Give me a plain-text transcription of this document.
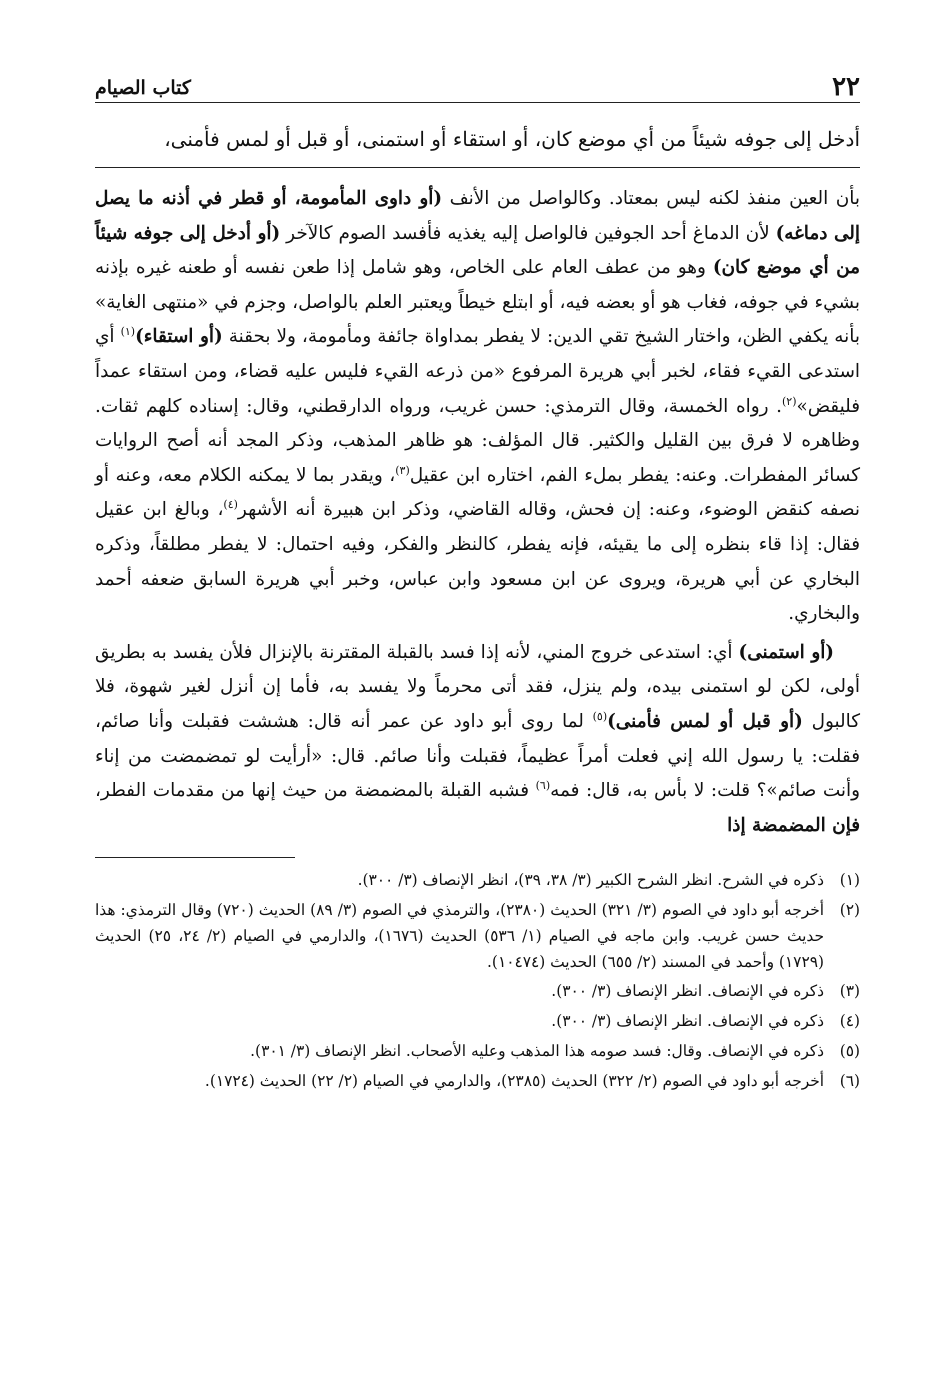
٢٢
كتاب الصيام
أدخل إلى جوفه شيئاً من أي موضع كان، أو استقاء أو استمنى، أو قبل أو لمس فأمنى،

بأن العين منفذ لكنه ليس بمعتاد. وكالواصل من الأنف (أو داوى المأمومة، أو قطر في أذنه ما يصل إلى دماغه) لأن الدماغ أحد الجوفين فالواصل إليه يغذيه فأفسد الصوم كالآخر (أو أدخل إلى جوفه شيئاً من أي موضع كان) وهو من عطف العام على الخاص، وهو شامل إذا طعن نفسه أو طعنه غيره بإذنه بشيء في جوفه، فغاب هو أو بعضه فيه، أو ابتلع خيطاً ويعتبر العلم بالواصل، وجزم في «منتهى الغاية» بأنه يكفي الظن، واختار الشيخ تقي الدين: لا يفطر بمداواة جائفة ومأمومة، ولا بحقنة (أو استقاء)$^{(١)}$ أي استدعى القيء فقاء، لخبر أبي هريرة المرفوع «من ذرعه القيء فليس عليه قضاء، ومن استقاء عمداً فليقض»$^{(٢)}$. رواه الخمسة، وقال الترمذي: حسن غريب، ورواه الدارقطني، وقال: إسناده كلهم ثقات. وظاهره لا فرق بين القليل والكثير. قال المؤلف: هو ظاهر المذهب، وذكر المجد أنه أصح الروايات كسائر المفطرات. وعنه: يفطر بملء الفم، اختاره ابن عقيل$^{(٣)}$، ويقدر بما لا يمكنه الكلام معه، وعنه أو نصفه كنقض الوضوء، وعنه: إن فحش، وقاله القاضي، وذكر ابن هبيرة أنه الأشهر$^{(٤)}$، وبالغ ابن عقيل فقال: إذا قاء بنظره إلى ما يقيئه، فإنه يفطر، كالنظر والفكر، وفيه احتمال: لا يفطر مطلقاً، وذكره البخاري عن أبي هريرة، ويروى عن ابن مسعود وابن عباس، وخبر أبي هريرة السابق ضعفه أحمد والبخاري.

(أو استمنى) أي: استدعى خروج المني، لأنه إذا فسد بالقبلة المقترنة بالإنزال فلأن يفسد به بطريق أولى، لكن لو استمنى بيده، ولم ينزل، فقد أتى محرماً ولا يفسد به، فأما إن أنزل لغير شهوة، فلا كالبول (أو قبل أو لمس فأمنى)$^{(٥)}$ لما روى أبو داود عن عمر أنه قال: هششت فقبلت وأنا صائم، فقلت: يا رسول الله إني فعلت أمراً عظيماً، فقبلت وأنا صائم. قال: «أرأيت لو تمضمضت من إناء وأنت صائم»؟ قلت: لا بأس به، قال: فمه$^{(٦)}$ فشبه القبلة بالمضمضة من حيث إنها من مقدمات الفطر، فإن المضمضة إذا

(١)
ذكره في الشرح. انظر الشرح الكبير (٣/ ٣٨، ٣٩)، انظر الإنصاف (٣/ ٣٠٠).
(٢)
أخرجه أبو داود في الصوم (٣/ ٣٢١) الحديث (٢٣٨٠)، والترمذي في الصوم (٣/ ٨٩) الحديث (٧٢٠) وقال الترمذي: هذا حديث حسن غريب. وابن ماجه في الصيام (١/ ٥٣٦) الحديث (١٦٧٦)، والدارمي في الصيام (٢/ ٢٤، ٢٥) الحديث (١٧٢٩) وأحمد في المسند (٢/ ٦٥٥) الحديث (١٠٤٧٤).
(٣)
ذكره في الإنصاف. انظر الإنصاف (٣/ ٣٠٠).
(٤)
ذكره في الإنصاف. انظر الإنصاف (٣/ ٣٠٠).
(٥)
ذكره في الإنصاف. وقال: فسد صومه هذا المذهب وعليه الأصحاب. انظر الإنصاف (٣/ ٣٠١).
(٦)
أخرجه أبو داود في الصوم (٢/ ٣٢٢) الحديث (٢٣٨٥)، والدارمي في الصيام (٢/ ٢٢) الحديث (١٧٢٤).
